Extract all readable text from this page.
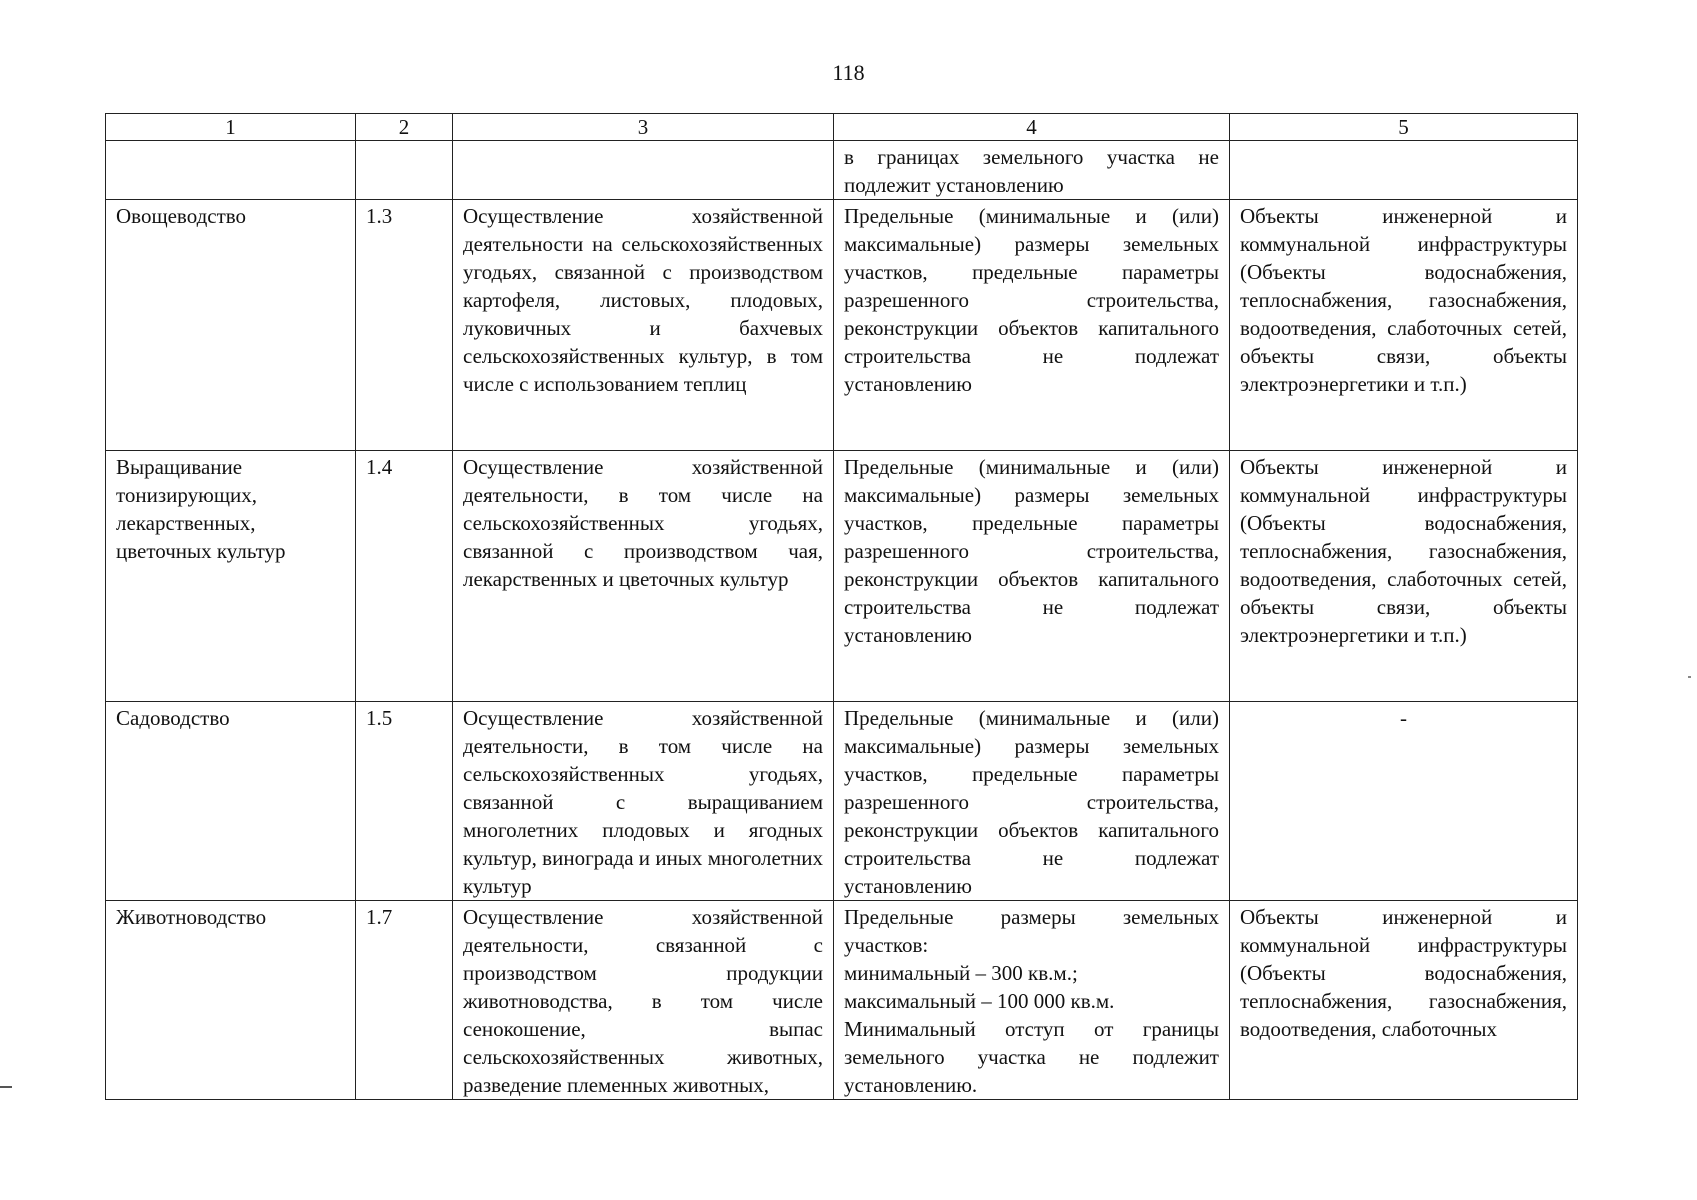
118
1	2	3	4	5
			в границах земельного участка не подлежит установлению	
Овощеводство	1.3	Осуществление хозяйственной деятельности на сельскохозяйственных угодьях, связанной с производством картофеля, листовых, плодовых, луковичных и бахчевых сельскохозяйственных культур, в том числе с использованием теплиц	Предельные (минимальные и (или) максимальные) размеры земельных участков, предельные параметры разрешенного строительства, реконструкции объектов капитального строительства не подлежат установлению	Объекты инженерной и коммунальной инфраструктуры (Объекты водоснабжения, теплоснабжения, газоснабжения, водоотведения, слаботочных сетей, объекты связи, объекты электроэнергетики и т.п.)
Выращивание тонизирующих, лекарственных, цветочных культур	1.4	Осуществление хозяйственной деятельности, в том числе на сельскохозяйственных угодьях, связанной с производством чая, лекарственных и цветочных культур	Предельные (минимальные и (или) максимальные) размеры земельных участков, предельные параметры разрешенного строительства, реконструкции объектов капитального строительства не подлежат установлению	Объекты инженерной и коммунальной инфраструктуры (Объекты водоснабжения, теплоснабжения, газоснабжения, водоотведения, слаботочных сетей, объекты связи, объекты электроэнергетики и т.п.)
Садоводство	1.5	Осуществление хозяйственной деятельности, в том числе на сельскохозяйственных угодьях, связанной с выращиванием многолетних плодовых и ягодных культур, винограда и иных многолетних культур	Предельные (минимальные и (или) максимальные) размеры земельных участков, предельные параметры разрешенного строительства, реконструкции объектов капитального строительства не подлежат установлению	-
Животноводство	1.7	Осуществление хозяйственной деятельности, связанной с производством продукции животноводства, в том числе сенокошение, выпас сельскохозяйственных животных, разведение племенных животных,	Предельные размеры земельных участков:
минимальный – 300 кв.м.;
максимальный – 100 000 кв.м.
Минимальный отступ от границы земельного участка не подлежит установлению.	Объекты инженерной и коммунальной инфраструктуры (Объекты водоснабжения, теплоснабжения, газоснабжения, водоотведения, слаботочных
